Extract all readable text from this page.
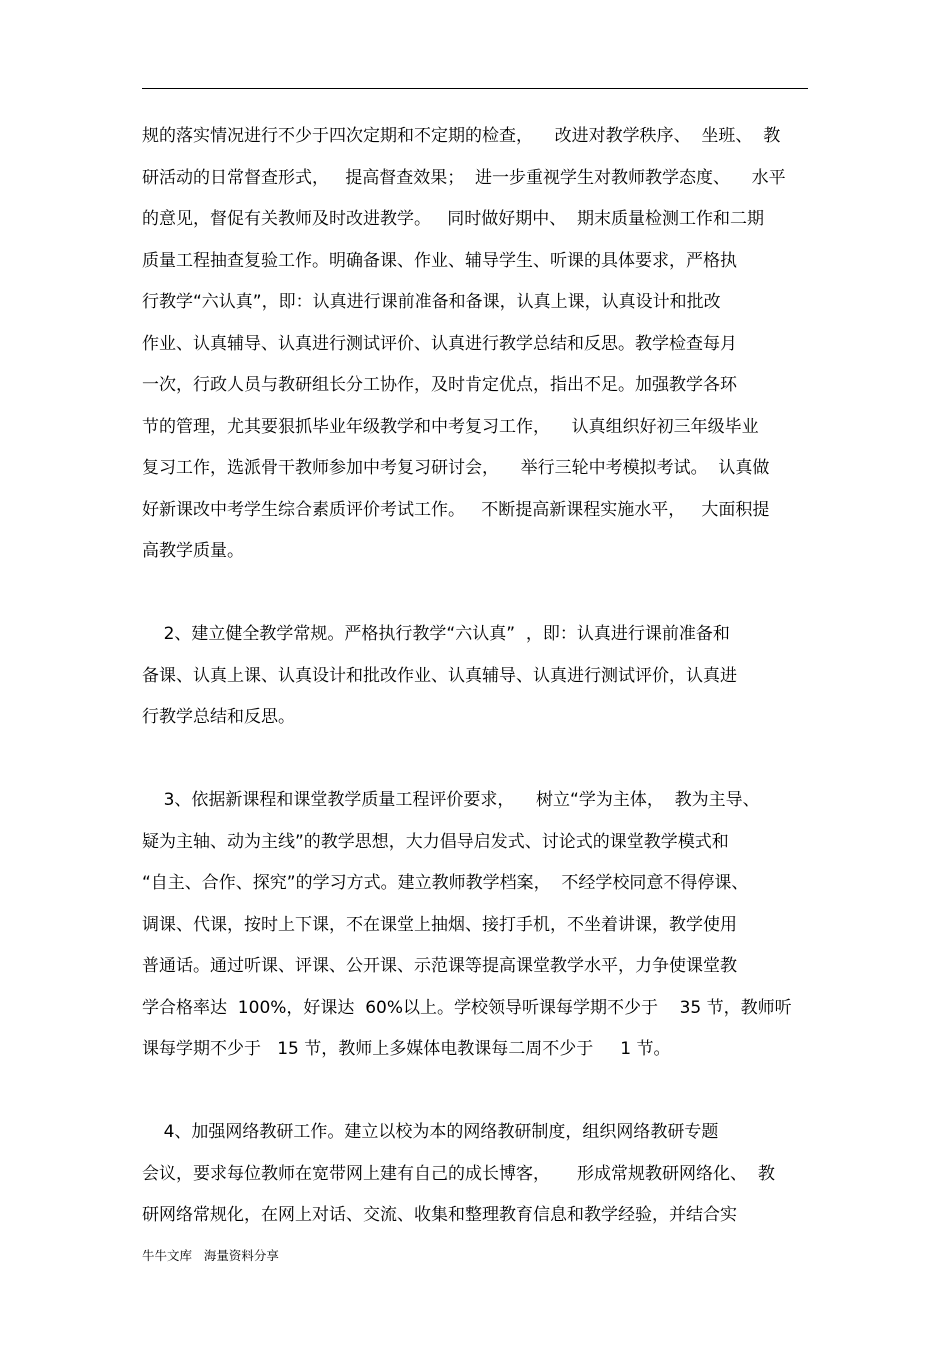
规的落实情况进行不少于四次定期和不定期的检查，    改进对教学秩序、  坐班、  教
研活动的日常督查形式，   提高督查效果；  进一步重视学生对教师教学态度、    水平
的意见，督促有关教师及时改进教学。   同时做好期中、  期末质量检测工作和二期
质量工程抽查复验工作。明确备课、作业、辅导学生、听课的具体要求，严格执
行教学“六认真”，即：认真进行课前准备和备课，认真上课，认真设计和批改
作业、认真辅导、认真进行测试评价、认真进行教学总结和反思。教学检查每月
一次，行政人员与教研组长分工协作，及时肯定优点，指出不足。加强教学各环
节的管理，尤其要狠抓毕业年级教学和中考复习工作，    认真组织好初三年级毕业
复习工作，选派骨干教师参加中考复习研讨会，    举行三轮中考模拟考试。  认真做
好新课改中考学生综合素质评价考试工作。   不断提高新课程实施水平，   大面积提
高教学质量。
2、建立健全教学常规。严格执行教学“六认真”  ，即：认真进行课前准备和
备课、认真上课、认真设计和批改作业、认真辅导、认真进行测试评价，认真进
行教学总结和反思。
3、依据新课程和课堂教学质量工程评价要求，    树立“学为主体，  教为主导、
疑为主轴、动为主线”的教学思想，大力倡导启发式、讨论式的课堂教学模式和
“自主、合作、探究”的学习方式。建立教师教学档案，  不经学校同意不得停课、
调课、代课，按时上下课，不在课堂上抽烟、接打手机，不坐着讲课，教学使用
普通话。通过听课、评课、公开课、示范课等提高课堂教学水平，力争使课堂教
学合格率达  100%，好课达  60%以上。学校领导听课每学期不少于    35 节，教师听
课每学期不少于   15 节，教师上多媒体电教课每二周不少于     1 节。
4、加强网络教研工作。建立以校为本的网络教研制度，组织网络教研专题
会议，要求每位教师在宽带网上建有自己的成长博客，     形成常规教研网络化、  教
研网络常规化，在网上对话、交流、收集和整理教育信息和教学经验，并结合实
牛牛文库   海量资料分享
